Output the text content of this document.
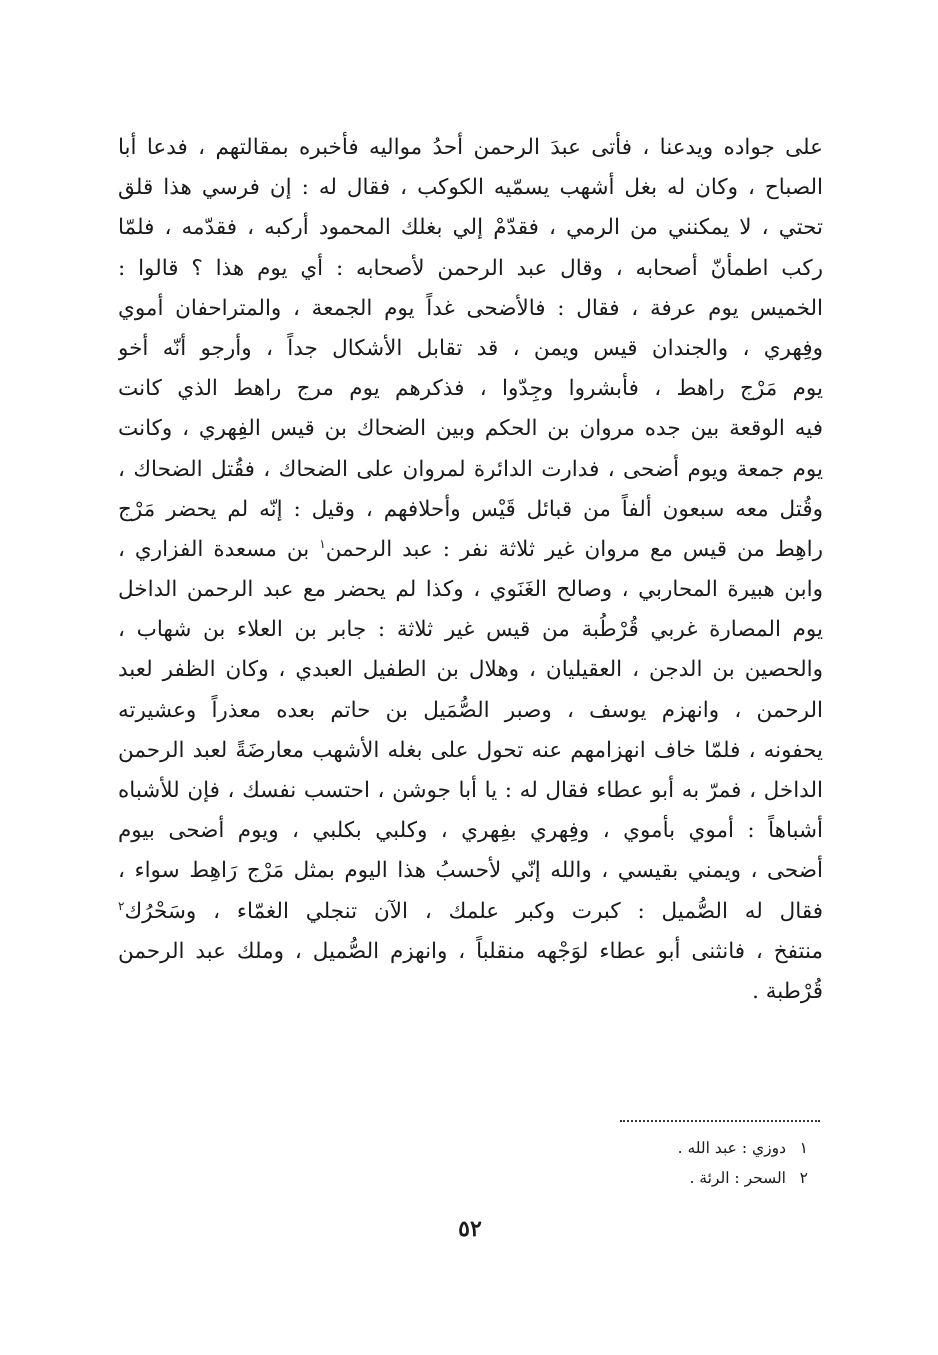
على جواده ويدعنا ، فأتى عبدَ الرحمن أحدُ مواليه فأخبره بمقالتهم ، فدعا أبا
الصباح ، وكان له بغل أشهب يسمّيه الكوكب ، فقال له : إن فرسي هذا قلق
تحتي ، لا يمكنني من الرمي ، فقدّمْ إلي بغلك المحمود أركبه ، فقدّمه ، فلمّا
ركب اطمأنّ أصحابه ، وقال عبد الرحمن لأصحابه : أي يوم هذا ؟ قالوا :
الخميس يوم عرفة ، فقال : فالأضحى غداً يوم الجمعة ، والمتراحفان أموي
وفِهري ، والجندان قيس ويمن ، قد تقابل الأشكال جداً ، وأرجو أنّه أخو
يوم مَرْج راهط ، فأبشروا وجِدّوا ، فذكرهم يوم مرج راهط الذي كانت
فيه الوقعة بين جده مروان بن الحكم وبين الضحاك بن قيس الفِهري ، وكانت
يوم جمعة ويوم أضحى ، فدارت الدائرة لمروان على الضحاك ، فقُتل الضحاك ،
وقُتل معه سبعون ألفاً من قبائل قَيْس وأحلافهم ، وقيل : إنّه لم يحضر مَرْج
راهِط من قيس مع مروان غير ثلاثة نفر : عبد الرحمن$^١$ بن مسعدة الفزاري ،
وابن هبيرة المحاربي ، وصالح الغَنَوي ، وكذا لم يحضر مع عبد الرحمن الداخل
يوم المصارة غربي قُرْطُبة من قيس غير ثلاثة : جابر بن العلاء بن شهاب ،
والحصين بن الدجن ، العقيليان ، وهلال بن الطفيل العبدي ، وكان الظفر لعبد
الرحمن ، وانهزم يوسف ، وصبر الصُّمَيل بن حاتم بعده معذراً وعشيرته
يحفونه ، فلمّا خاف انهزامهم عنه تحول على بغله الأشهب معارضَةً لعبد الرحمن
الداخل ، فمرّ به أبو عطاء فقال له : يا أبا جوشن ، احتسب نفسك ، فإن للأشباه
أشباهاً : أموي بأموي ، وفِهري بفِهري ، وكلبي بكلبي ، ويوم أضحى بيوم
أضحى ، ويمني بقيسي ، والله إنّي لأحسبُ هذا اليوم بمثل مَرْج رَاهِط سواء ،
فقال له الصُّميل : كبرت وكبر علمك ، الآن تنجلي الغمّاء ، وسَحْرُك$^٢$
منتفخ ، فانثنى أبو عطاء لوَجْهه منقلباً ، وانهزم الصُّميل ، وملك عبد الرحمن
قُرْطبة .
١دوزي : عبد الله .
٢السحر : الرئة .
٥٢
